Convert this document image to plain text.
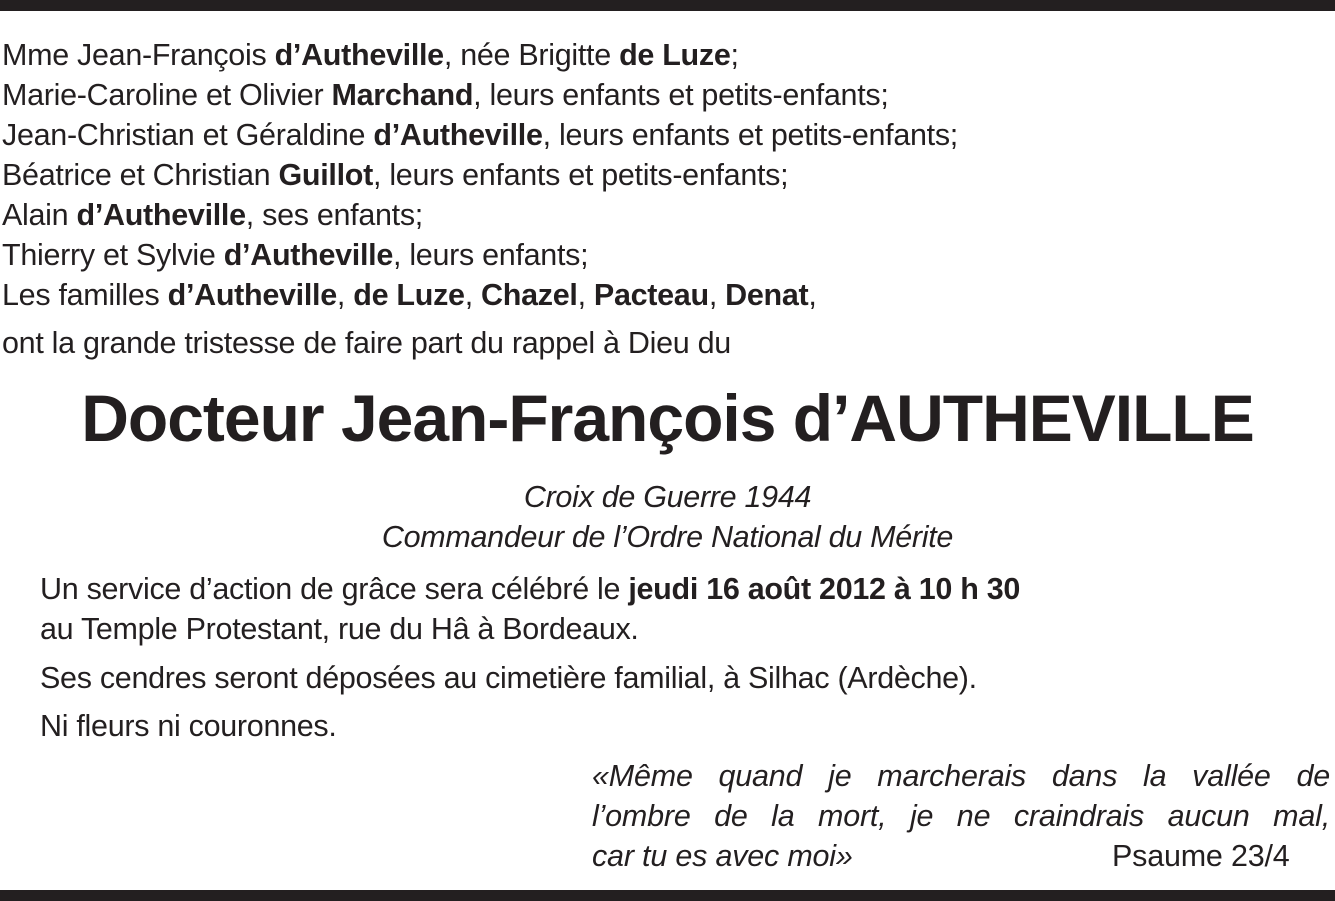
Mme Jean-François d’Autheville, née Brigitte de Luze;
Marie-Caroline et Olivier Marchand, leurs enfants et petits-enfants;
Jean-Christian et Géraldine d’Autheville, leurs enfants et petits-enfants;
Béatrice et Christian Guillot, leurs enfants et petits-enfants;
Alain d’Autheville, ses enfants;
Thierry et Sylvie d’Autheville, leurs enfants;
Les familles d’Autheville, de Luze, Chazel, Pacteau, Denat,
ont la grande tristesse de faire part du rappel à Dieu du
Docteur Jean-François d’AUTHEVILLE
Croix de Guerre 1944
Commandeur de l’Ordre National du Mérite
Un service d’action de grâce sera célébré le jeudi 16 août 2012 à 10 h 30
au Temple Protestant, rue du Hâ à Bordeaux.
Ses cendres seront déposées au cimetière familial, à Silhac (Ardèche).
Ni fleurs ni couronnes.
«Même quand je marcherais dans la vallée de
l’ombre de la mort, je ne craindrais aucun mal,
car tu es avec moi»	Psaume 23/4
